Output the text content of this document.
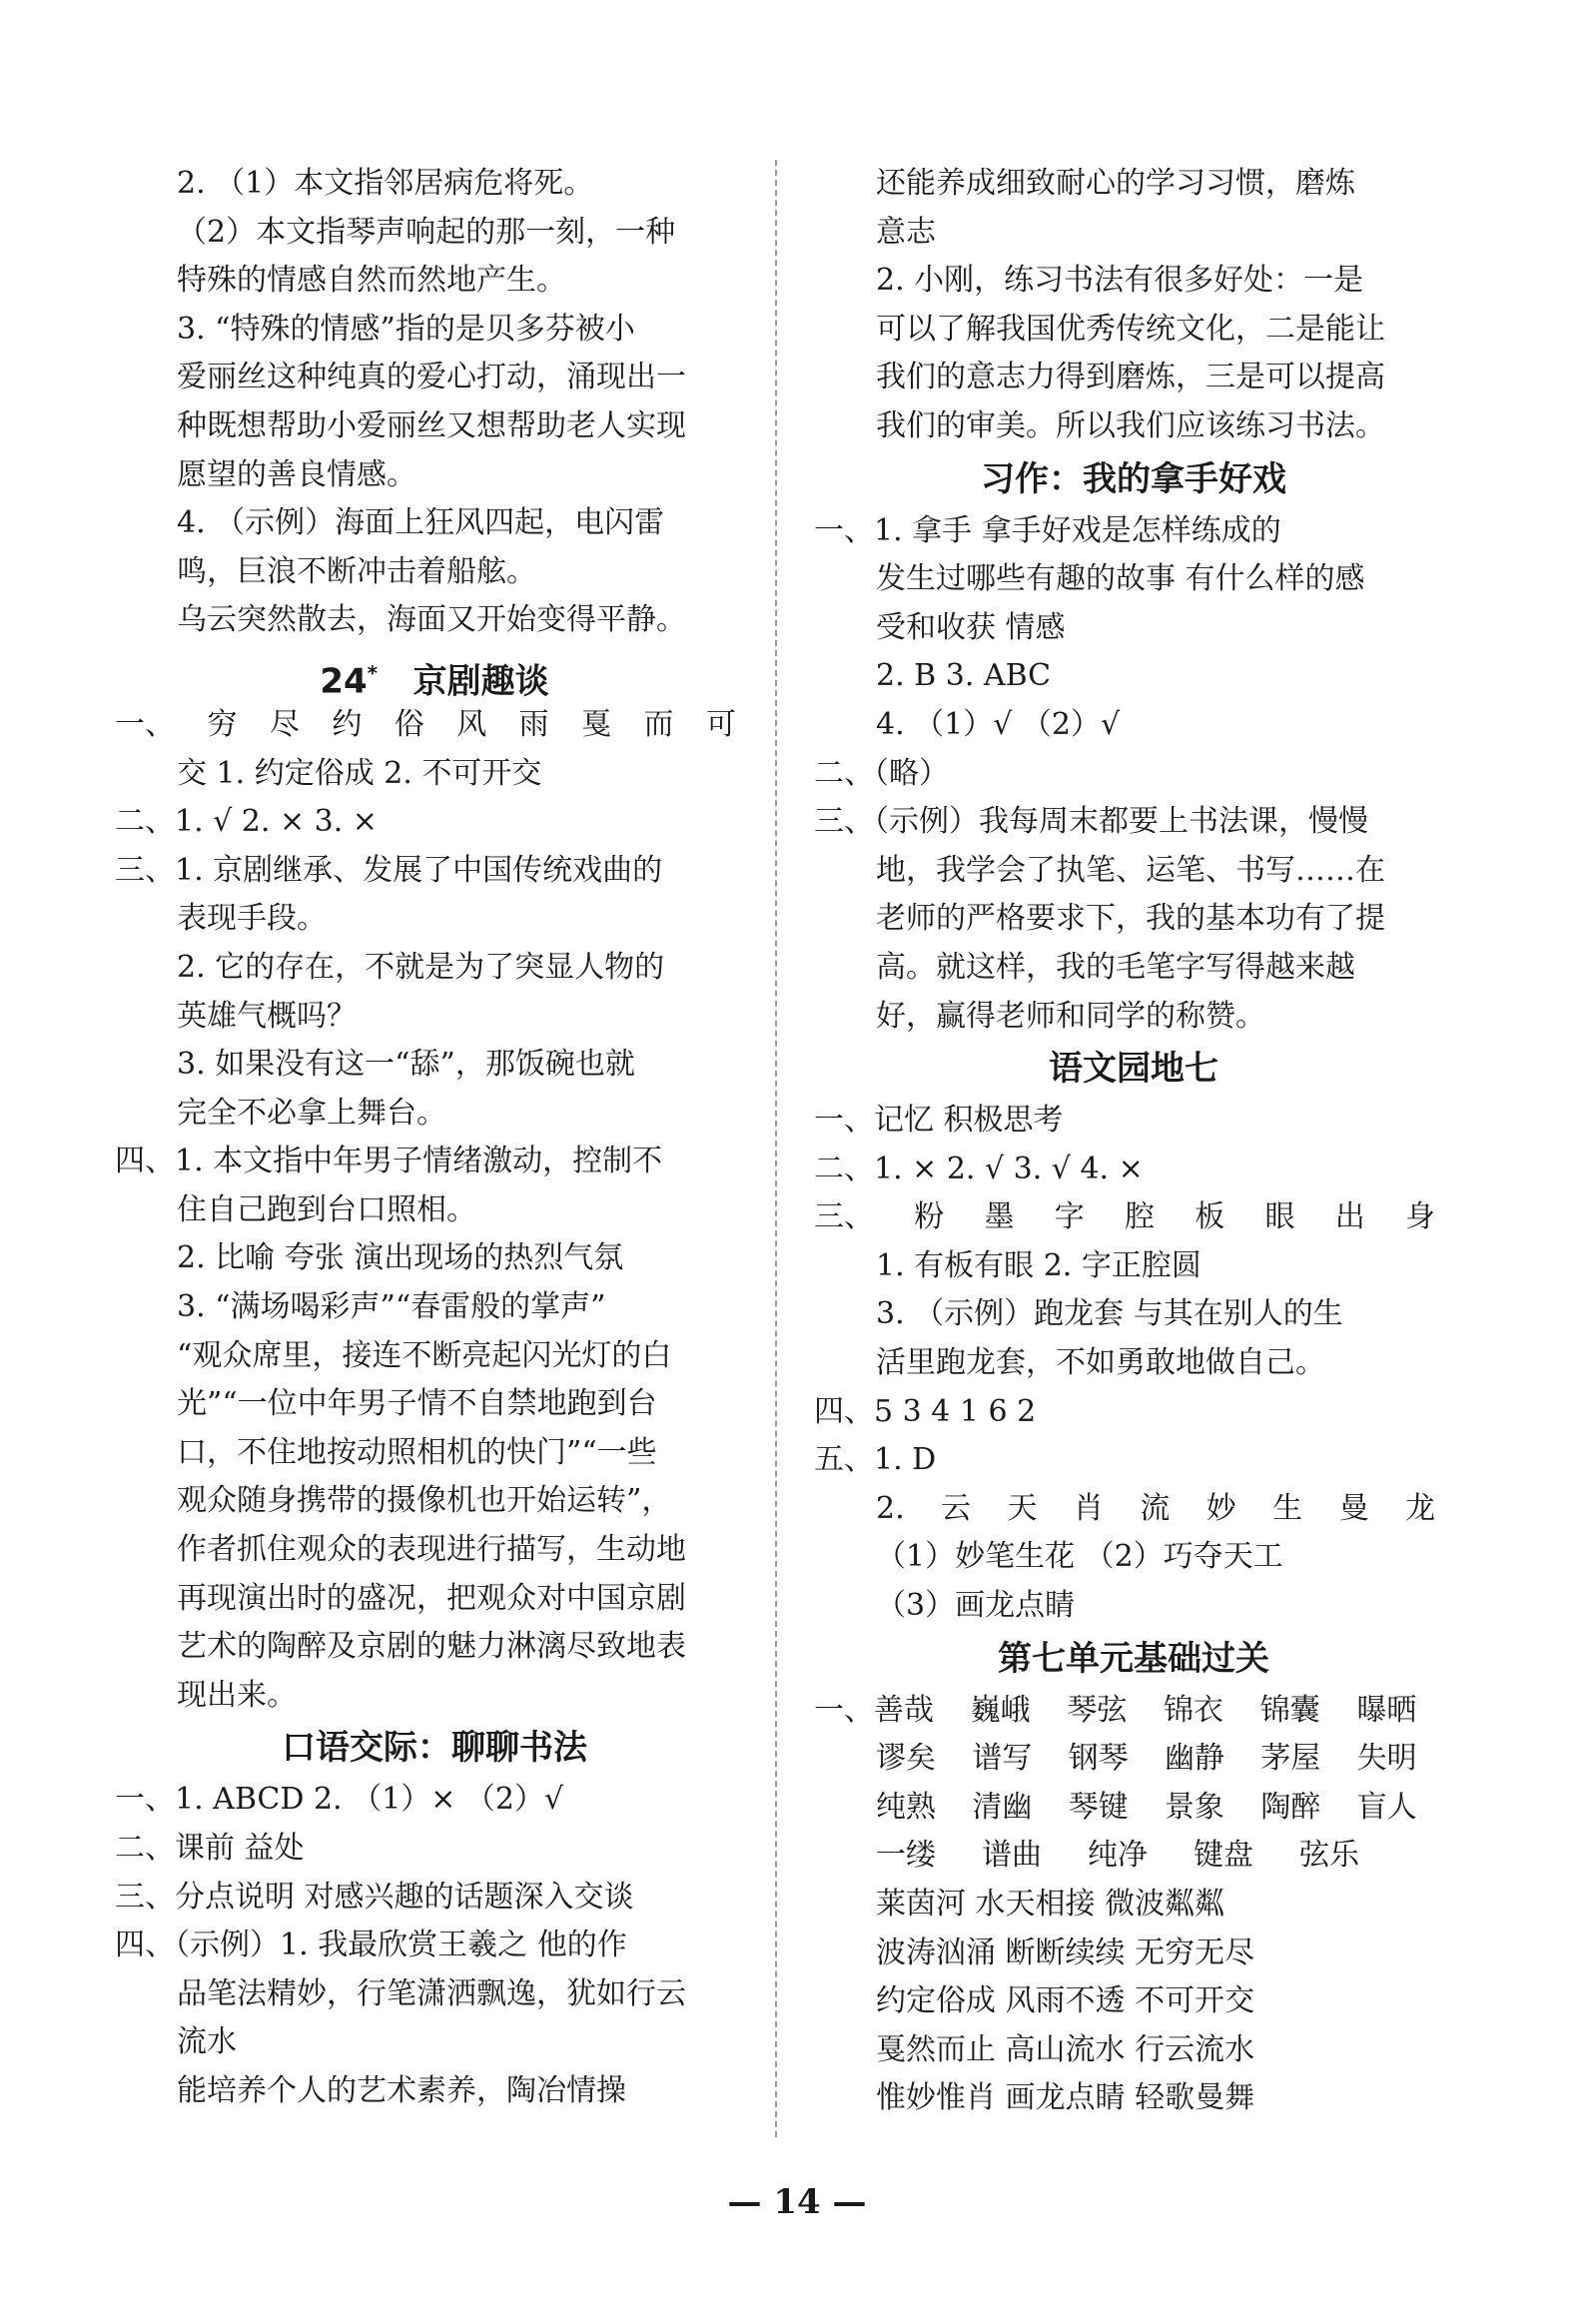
2. （1）本文指邻居病危将死。
（2）本文指琴声响起的那一刻，一种
特殊的情感自然而然地产生。
3. “特殊的情感”指的是贝多芬被小
爱丽丝这种纯真的爱心打动，涌现出一
种既想帮助小爱丽丝又想帮助老人实现
愿望的善良情感。
4. （示例）海面上狂风四起，电闪雷
鸣，巨浪不断冲击着船舷。
乌云突然散去，海面又开始变得平静。
24* 京剧趣谈
一、 穷 尽 约 俗 风 雨 戛 而 可
交 1. 约定俗成 2. 不可开交
二、1. √ 2. × 3. ×
三、1. 京剧继承、发展了中国传统戏曲的
表现手段。
2. 它的存在，不就是为了突显人物的
英雄气概吗？
3. 如果没有这一“舔”，那饭碗也就
完全不必拿上舞台。
四、1. 本文指中年男子情绪激动，控制不
住自己跑到台口照相。
2. 比喻 夸张 演出现场的热烈气氛
3. “满场喝彩声”“春雷般的掌声”
“观众席里，接连不断亮起闪光灯的白
光”“一位中年男子情不自禁地跑到台
口，不住地按动照相机的快门”“一些
观众随身携带的摄像机也开始运转”，
作者抓住观众的表现进行描写，生动地
再现演出时的盛况，把观众对中国京剧
艺术的陶醉及京剧的魅力淋漓尽致地表
现出来。
口语交际：聊聊书法
一、1. ABCD 2. （1）× （2）√
二、课前 益处
三、分点说明 对感兴趣的话题深入交谈
四、（示例）1. 我最欣赏王羲之 他的作
品笔法精妙，行笔潇洒飘逸，犹如行云
流水
能培养个人的艺术素养，陶冶情操
还能养成细致耐心的学习习惯，磨炼
意志
2. 小刚，练习书法有很多好处：一是
可以了解我国优秀传统文化，二是能让
我们的意志力得到磨炼，三是可以提高
我们的审美。所以我们应该练习书法。
习作：我的拿手好戏
一、1. 拿手 拿手好戏是怎样练成的
发生过哪些有趣的故事 有什么样的感
受和收获 情感
2. B 3. ABC
4. （1）√ （2）√
二、（略）
三、（示例）我每周末都要上书法课，慢慢
地，我学会了执笔、运笔、书写……在
老师的严格要求下，我的基本功有了提
高。就这样，我的毛笔字写得越来越
好，赢得老师和同学的称赞。
语文园地七
一、记忆 积极思考
二、1. × 2. √ 3. √ 4. ×
三、 粉 墨 字 腔 板 眼 出 身
1. 有板有眼 2. 字正腔圆
3. （示例）跑龙套 与其在别人的生
活里跑龙套，不如勇敢地做自己。
四、5 3 4 1 6 2
五、1. D
2. 云 天 肖 流 妙 生 曼 龙
（1）妙笔生花 （2）巧夺天工
（3）画龙点睛
第七单元基础过关
一、 善哉	巍峨	琴弦	锦衣	锦囊	曝晒
谬矣	谱写	钢琴	幽静	茅屋	失明
纯熟	清幽	琴键	景象	陶醉	盲人
一缕	谱曲	纯净	键盘	弦乐
莱茵河 水天相接 微波粼粼
波涛汹涌 断断续续 无穷无尽
约定俗成 风雨不透 不可开交
戛然而止 高山流水 行云流水
惟妙惟肖 画龙点睛 轻歌曼舞
— 14 —
